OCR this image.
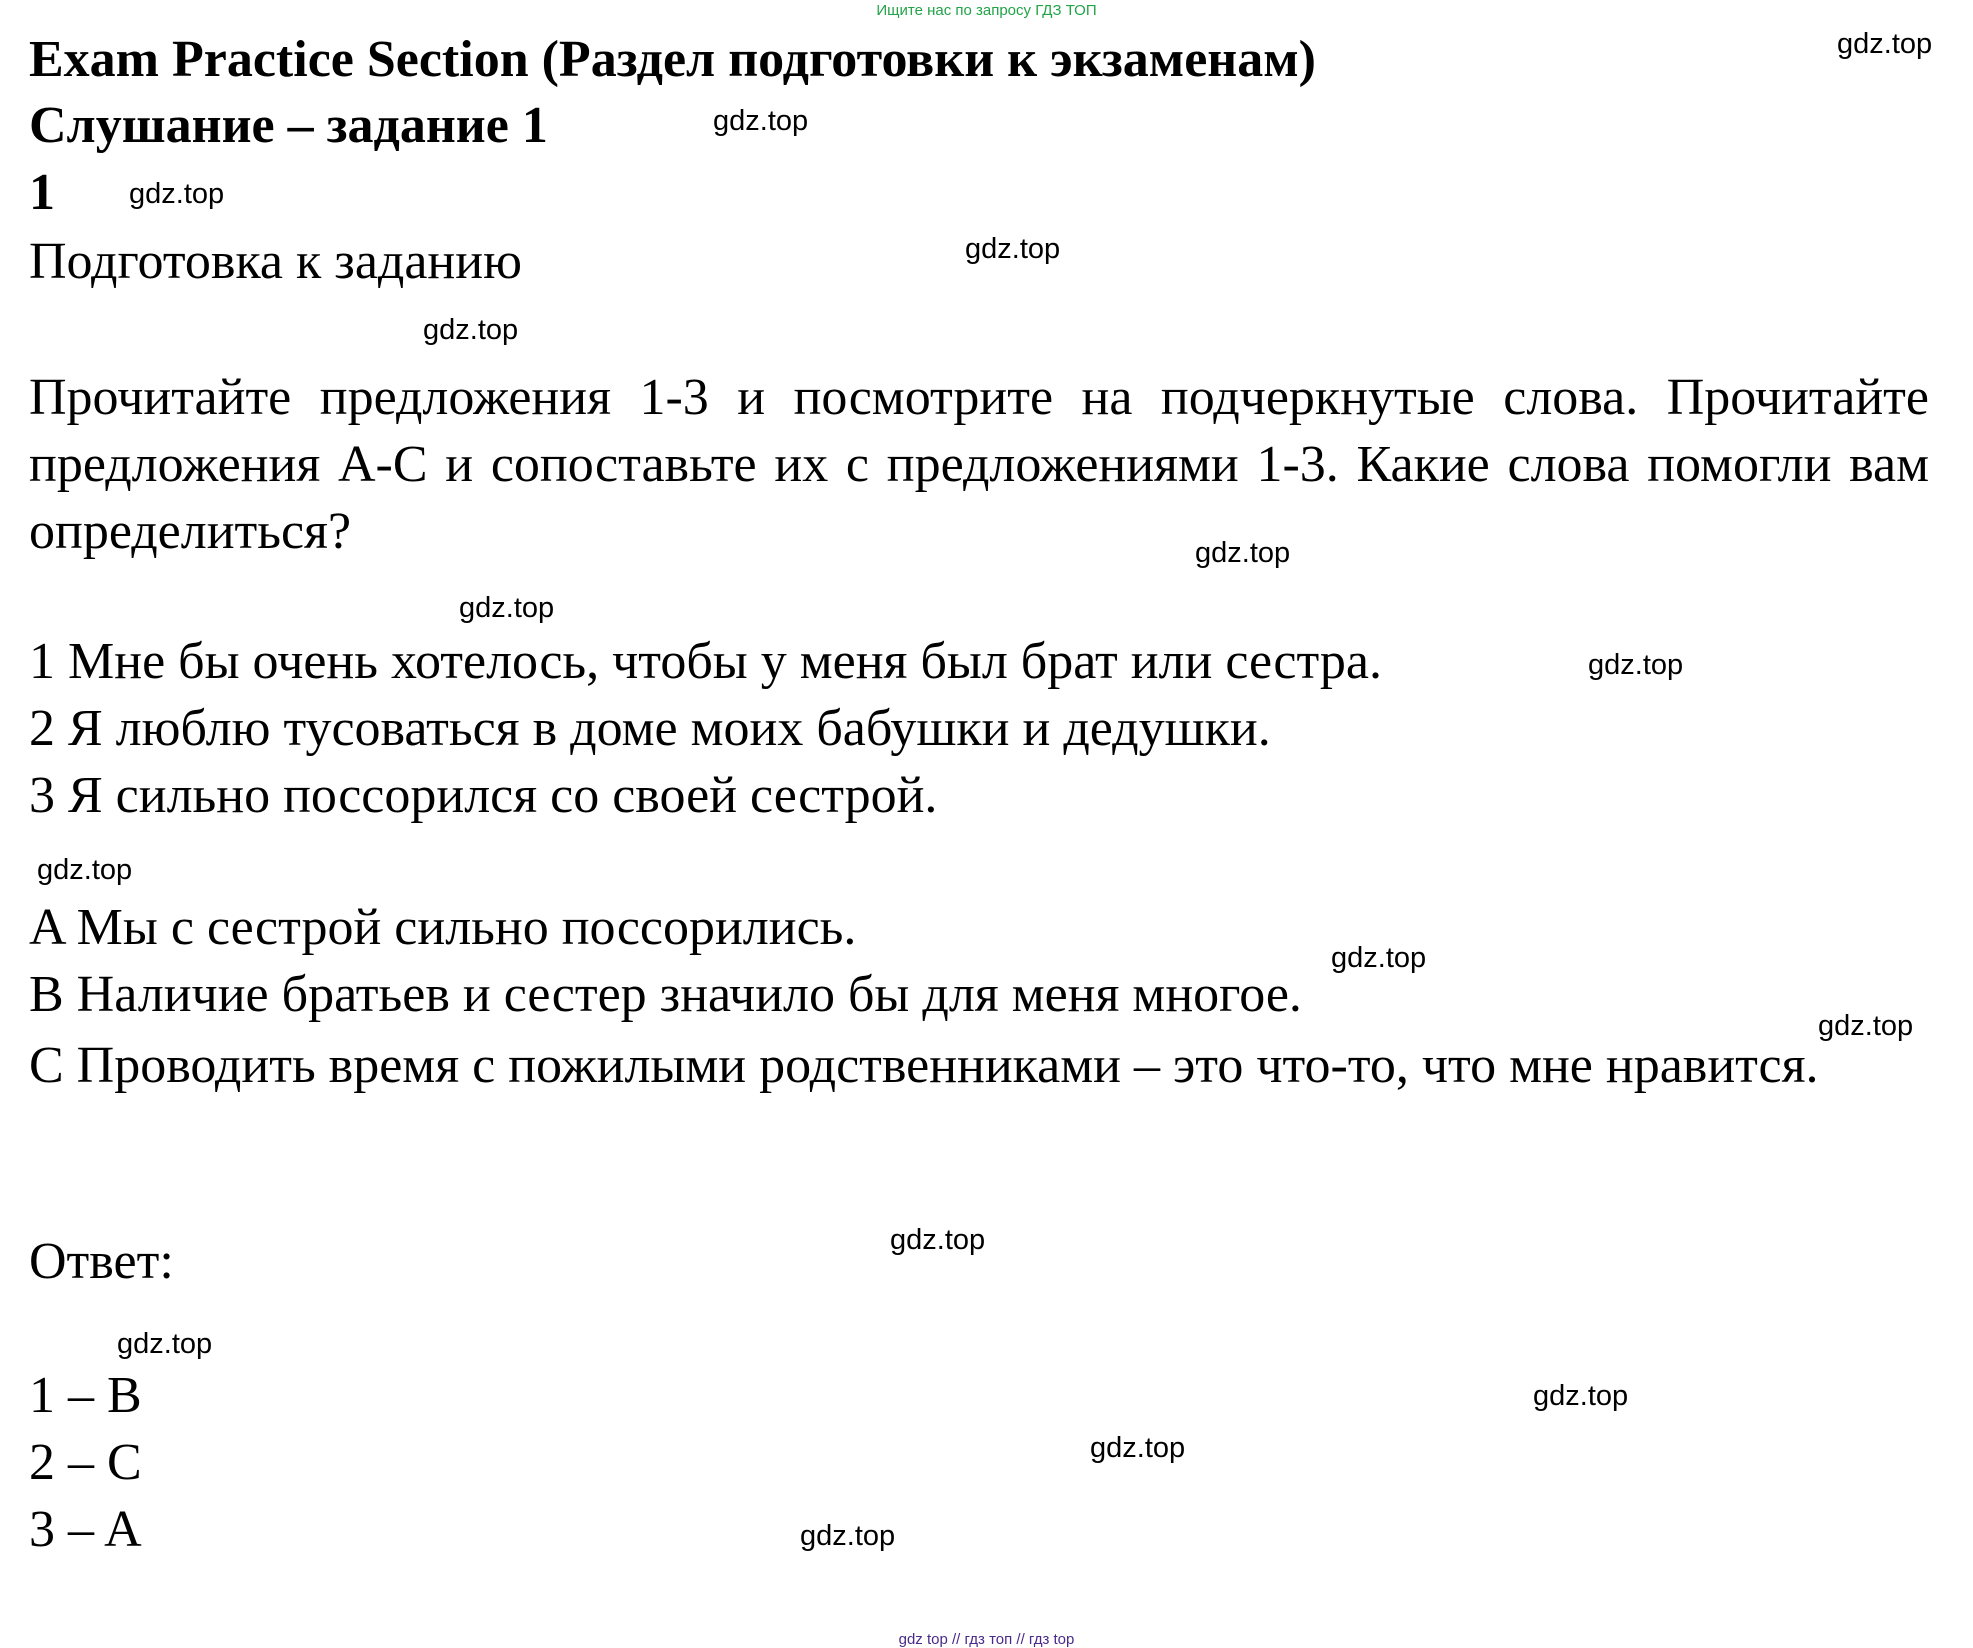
Ищите нас по запросу ГДЗ ТОП
Exam Practice Section (Раздел подготовки к экзаменам)
Слушание – задание 1
1
Подготовка к заданию
Прочитайте предложения 1-3 и посмотрите на подчеркнутые слова. Прочитайте предложения A-C и сопоставьте их с предложениями 1-3. Какие слова помогли вам определиться?
1 Мне бы очень хотелось, чтобы у меня был брат или сестра.
2 Я люблю тусоваться в доме моих бабушки и дедушки.
3 Я сильно поссорился со своей сестрой.
A Мы с сестрой сильно поссорились.
B Наличие братьев и сестер значило бы для меня многое.
C Проводить время с пожилыми родственниками – это что-то, что мне нравится.
Ответ:
1 – B
2 – C
3 – A
gdz.top
gdz.top
gdz.top
gdz.top
gdz.top
gdz.top
gdz.top
gdz.top
gdz.top
gdz.top
gdz.top
gdz.top
gdz.top
gdz.top
gdz.top
gdz.top
gdz top // гдз топ // гдз top
